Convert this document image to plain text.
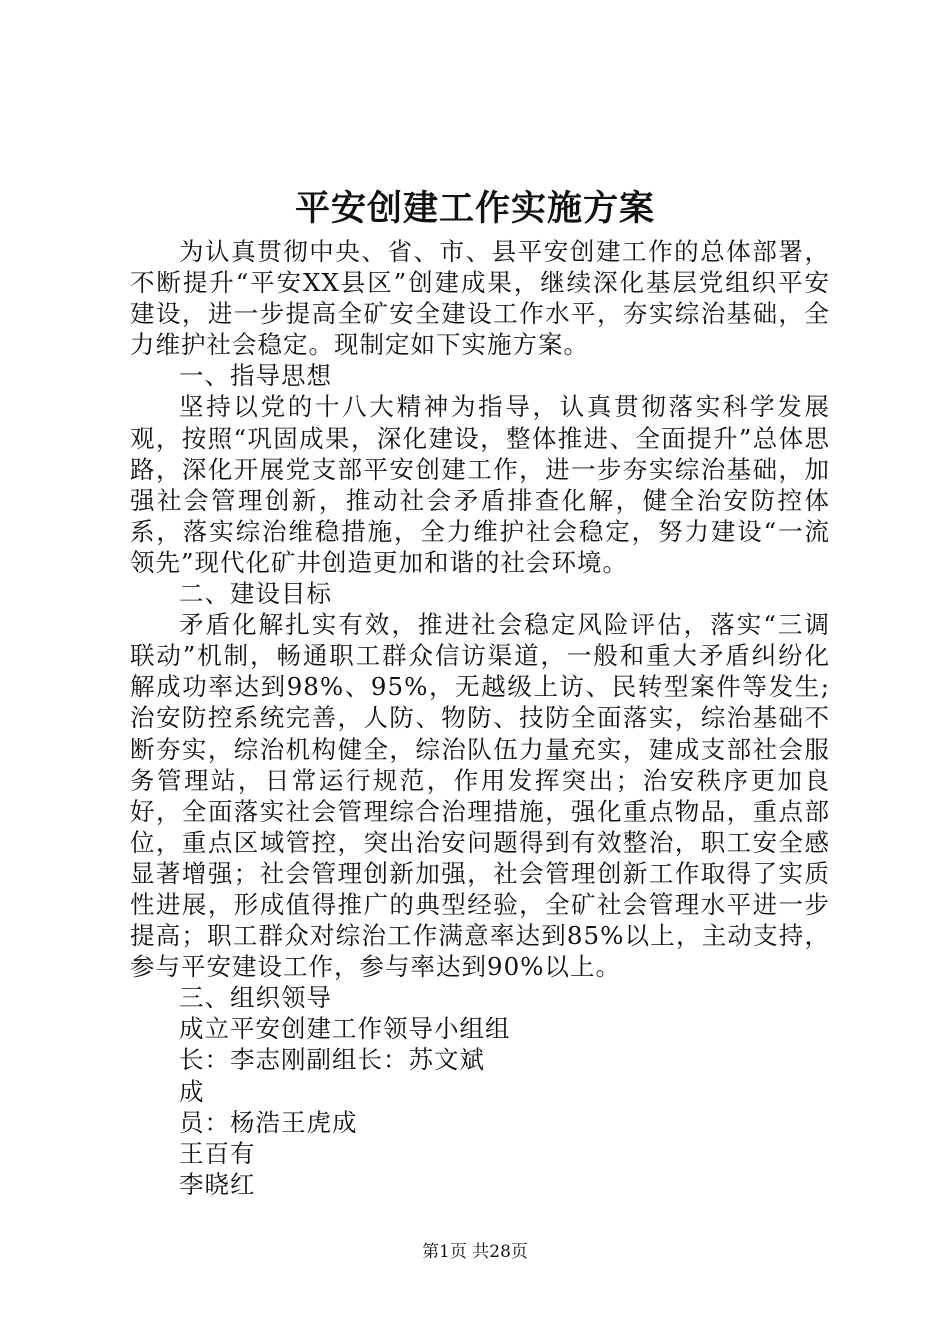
平安创建工作实施方案

为认真贯彻中央、省、市、县平安创建工作的总体部署，不断提升“平安XX县区”创建成果，继续深化基层党组织平安建设，进一步提高全矿安全建设工作水平，夯实综治基础，全力维护社会稳定。现制定如下实施方案。

一、指导思想

坚持以党的十八大精神为指导，认真贯彻落实科学发展观，按照“巩固成果，深化建设，整体推进、全面提升”总体思路，深化开展党支部平安创建工作，进一步夯实综治基础，加强社会管理创新，推动社会矛盾排查化解，健全治安防控体系，落实综治维稳措施，全力维护社会稳定，努力建设“一流领先”现代化矿井创造更加和谐的社会环境。

二、建设目标

矛盾化解扎实有效，推进社会稳定风险评估，落实“三调联动”机制，畅通职工群众信访渠道，一般和重大矛盾纠纷化解成功率达到98%、95%，无越级上访、民转型案件等发生;治安防控系统完善，人防、物防、技防全面落实，综治基础不断夯实，综治机构健全，综治队伍力量充实，建成支部社会服务管理站，日常运行规范，作用发挥突出；治安秩序更加良好，全面落实社会管理综合治理措施，强化重点物品，重点部位，重点区域管控，突出治安问题得到有效整治，职工安全感显著增强；社会管理创新加强，社会管理创新工作取得了实质性进展，形成值得推广的典型经验，全矿社会管理水平进一步提高；职工群众对综治工作满意率达到85%以上，主动支持，参与平安建设工作，参与率达到90%以上。

三、组织领导

成立平安创建工作领导小组组

长：李志刚副组长：苏文斌

成

员：杨浩王虎成

王百有

李晓红

第1页 共28页
